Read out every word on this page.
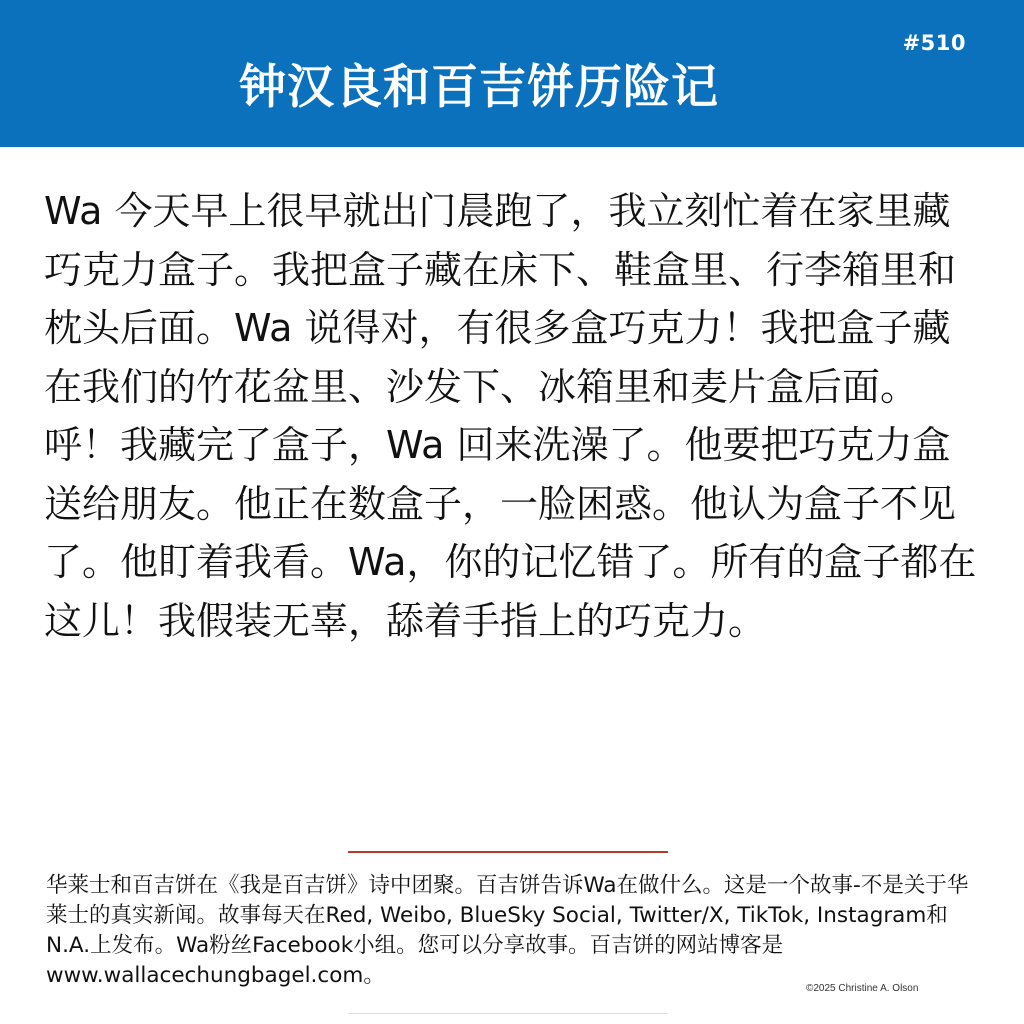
#510
钟汉良和百吉饼历险记

Wa 今天早上很早就出门晨跑了，我立刻忙着在家里藏巧克力盒子。我把盒子藏在床下、鞋盒里、行李箱里和枕头后面。Wa 说得对，有很多盒巧克力！我把盒子藏在我们的竹花盆里、沙发下、冰箱里和麦片盒后面。呼！我藏完了盒子，Wa 回来洗澡了。他要把巧克力盒送给朋友。他正在数盒子，一脸困惑。他认为盒子不见了。他盯着我看。Wa，你的记忆错了。所有的盒子都在这儿！我假装无辜，舔着手指上的巧克力。

华莱士和百吉饼在《我是百吉饼》诗中团聚。百吉饼告诉Wa在做什么。这是一个故事-不是关于华莱士的真实新闻。故事每天在Red, Weibo, BlueSky Social, Twitter/X, TikTok, Instagram和N.A.上发布。Wa粉丝Facebook小组。您可以分享故事。百吉饼的网站博客是www.wallacechungbagel.com。

©2025 Christine A. Olson
